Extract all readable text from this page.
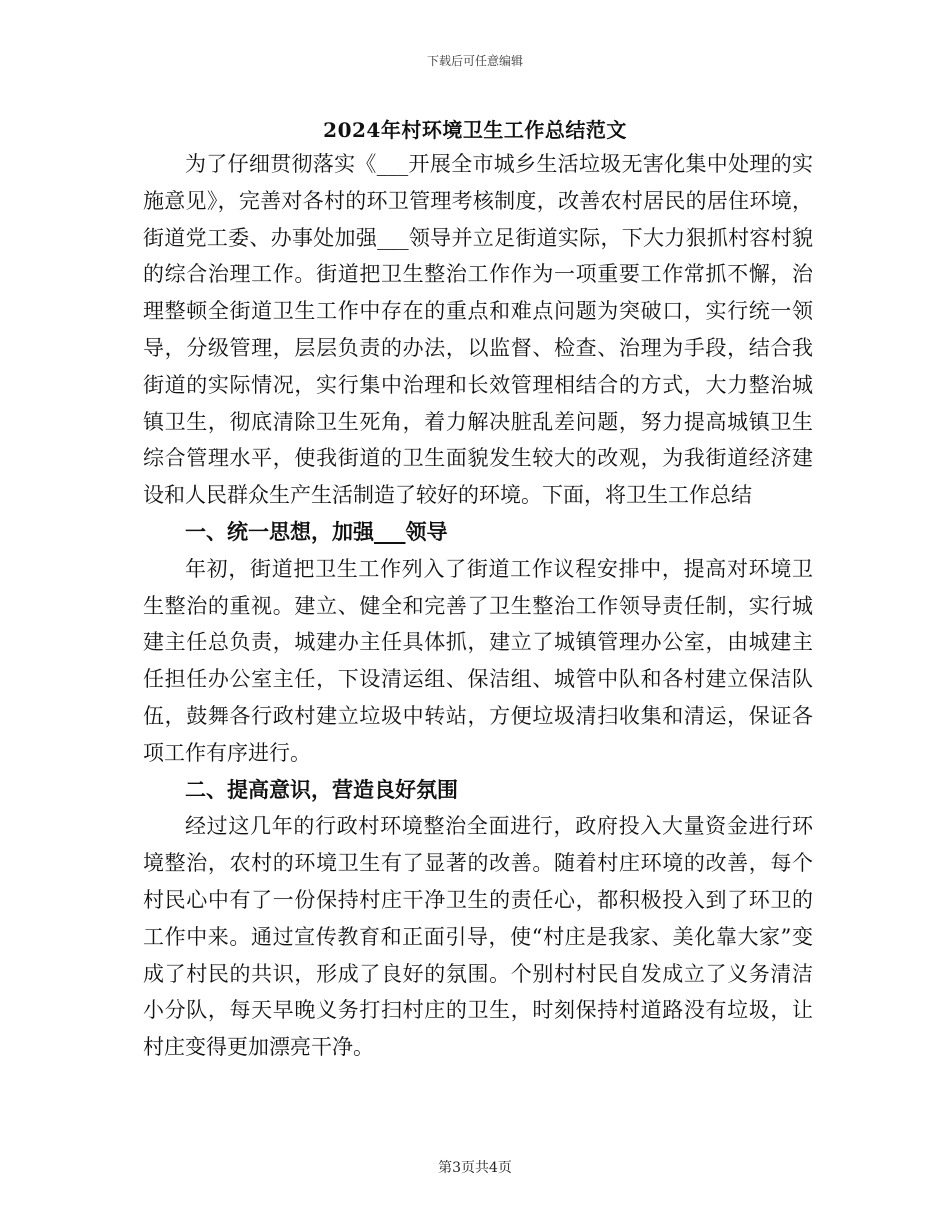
下载后可任意编辑
2024年村环境卫生工作总结范文

为了仔细贯彻落实《___开展全市城乡生活垃圾无害化集中处理的实施意见》，完善对各村的环卫管理考核制度，改善农村居民的居住环境，街道党工委、办事处加强___领导并立足街道实际，下大力狠抓村容村貌的综合治理工作。街道把卫生整治工作作为一项重要工作常抓不懈，治理整顿全街道卫生工作中存在的重点和难点问题为突破口，实行统一领导，分级管理，层层负责的办法，以监督、检查、治理为手段，结合我街道的实际情况，实行集中治理和长效管理相结合的方式，大力整治城镇卫生，彻底清除卫生死角，着力解决脏乱差问题，努力提高城镇卫生综合管理水平，使我街道的卫生面貌发生较大的改观，为我街道经济建设和人民群众生产生活制造了较好的环境。下面，将卫生工作总结

一、统一思想，加强___领导

年初，街道把卫生工作列入了街道工作议程安排中，提高对环境卫生整治的重视。建立、健全和完善了卫生整治工作领导责任制，实行城建主任总负责，城建办主任具体抓，建立了城镇管理办公室，由城建主任担任办公室主任，下设清运组、保洁组、城管中队和各村建立保洁队伍，鼓舞各行政村建立垃圾中转站，方便垃圾清扫收集和清运，保证各项工作有序进行。

二、提高意识，营造良好氛围

经过这几年的行政村环境整治全面进行，政府投入大量资金进行环境整治，农村的环境卫生有了显著的改善。随着村庄环境的改善，每个村民心中有了一份保持村庄干净卫生的责任心，都积极投入到了环卫的工作中来。通过宣传教育和正面引导，使“村庄是我家、美化靠大家”变成了村民的共识，形成了良好的氛围。个别村村民自发成立了义务清洁小分队，每天早晚义务打扫村庄的卫生，时刻保持村道路没有垃圾，让村庄变得更加漂亮干净。

第3页共4页
